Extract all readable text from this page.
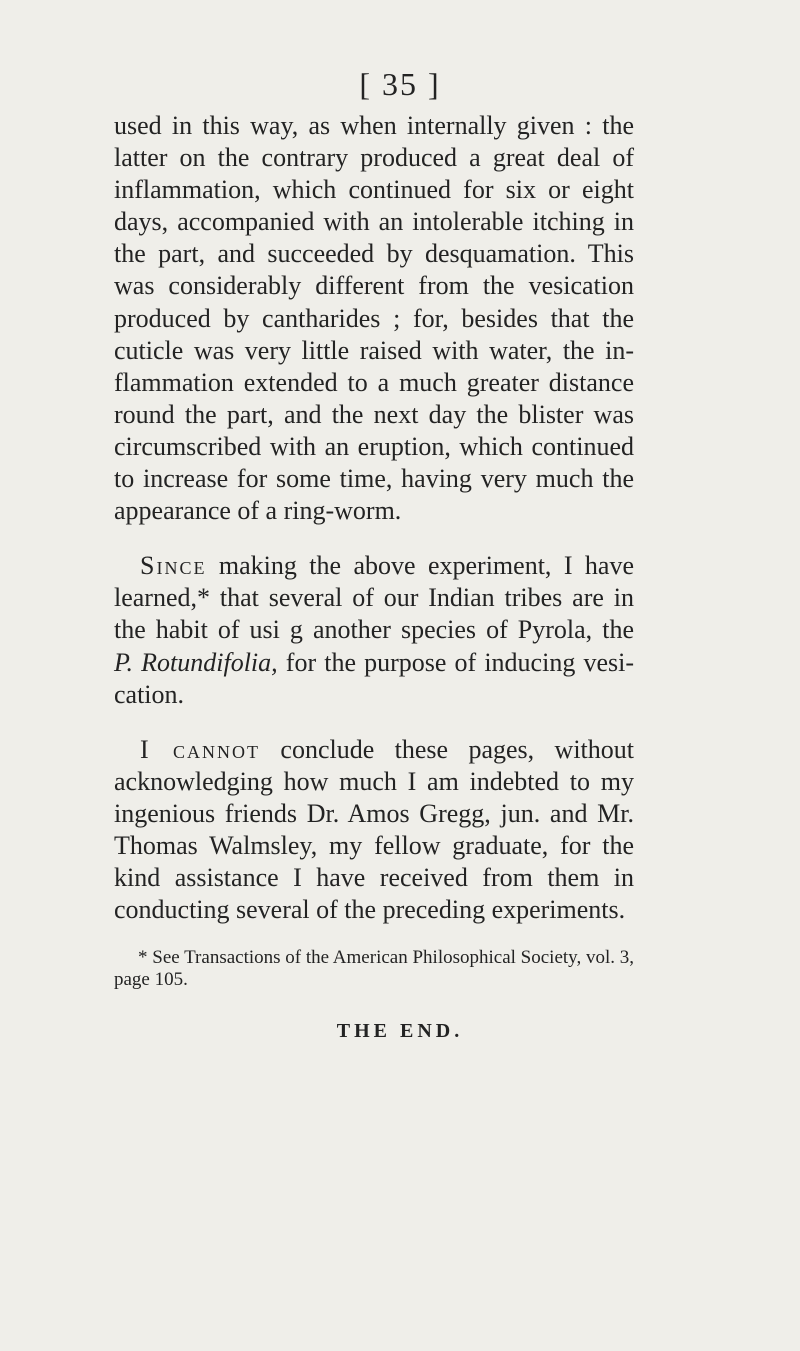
[ 35 ]
used in this way, as when internally given : the
latter on the contrary produced a great deal of
inflammation, which continued for six or eight
days, accompanied with an intolerable itching in
the part, and succeeded by desquamation. This
was considerably different from the vesication
produced by cantharides ; for, besides that the
cuticle was very little raised with water, the in-
flammation extended to a much greater distance
round the part, and the next day the blister was
circumscribed with an eruption, which continued
to increase for some time, having very much the
appearance of a ring-worm.
Since making the above experiment, I have
learned,* that several of our Indian tribes are in
the habit of usi g another species of Pyrola, the
P. Rotundifolia, for the purpose of inducing vesi-
cation.
I cannot conclude these pages, without
acknowledging how much I am indebted to my
ingenious friends Dr. Amos Gregg, jun. and Mr.
Thomas Walmsley, my fellow graduate, for the
kind assistance I have received from them in
conducting several of the preceding experiments.
* See Transactions of the American Philosophical Society, vol. 3,
page 105.
THE END.
